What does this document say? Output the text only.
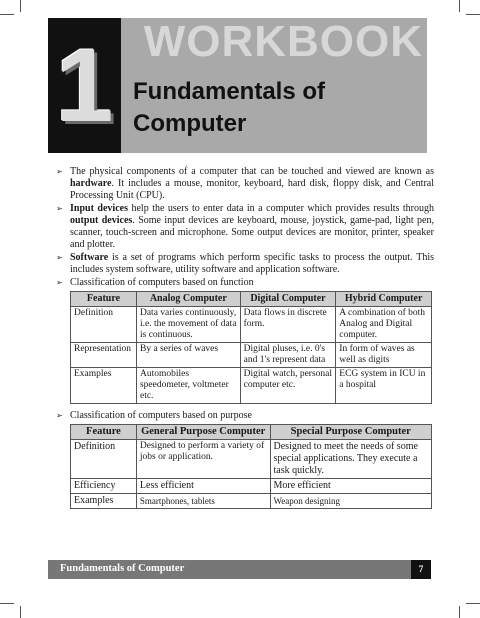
1 WORKBOOK
Fundamentals of
Computer
➢ The physical components of a computer that can be touched and viewed are known as hardware. It includes a mouse, monitor, keyboard, hard disk, floppy disk, and Central Processing Unit (CPU).
➢ Input devices help the users to enter data in a computer which provides results through output devices. Some input devices are keyboard, mouse, joystick, game-pad, light pen, scanner, touch-screen and microphone. Some output devices are monitor, printer, speaker and plotter.
➢ Software is a set of programs which perform specific tasks to process the output. This includes system software, utility software and application software.
➢ Classification of computers based on function
Feature	Analog Computer	Digital Computer	Hybrid Computer
Definition	Data varies continuously, i.e. the movement of data is continuous.	Data flows in discrete form.	A combination of both Analog and Digital computer.
Representation	By a series of waves	Digital pluses, i.e. 0's and 1's represent data	In form of waves as well as digits
Examples	Automobiles speedometer, voltmeter etc.	Digital watch, personal computer etc.	ECG system in ICU in a hospital
➢ Classification of computers based on purpose
Feature	General Purpose Computer	Special Purpose Computer
Definition	Designed to perform a variety of jobs or application.	Designed to meet the needs of some special applications. They execute a task quickly.
Efficiency	Less efficient	More efficient
Examples	Smartphones, tablets	Weapon designing
Fundamentals of Computer	7
